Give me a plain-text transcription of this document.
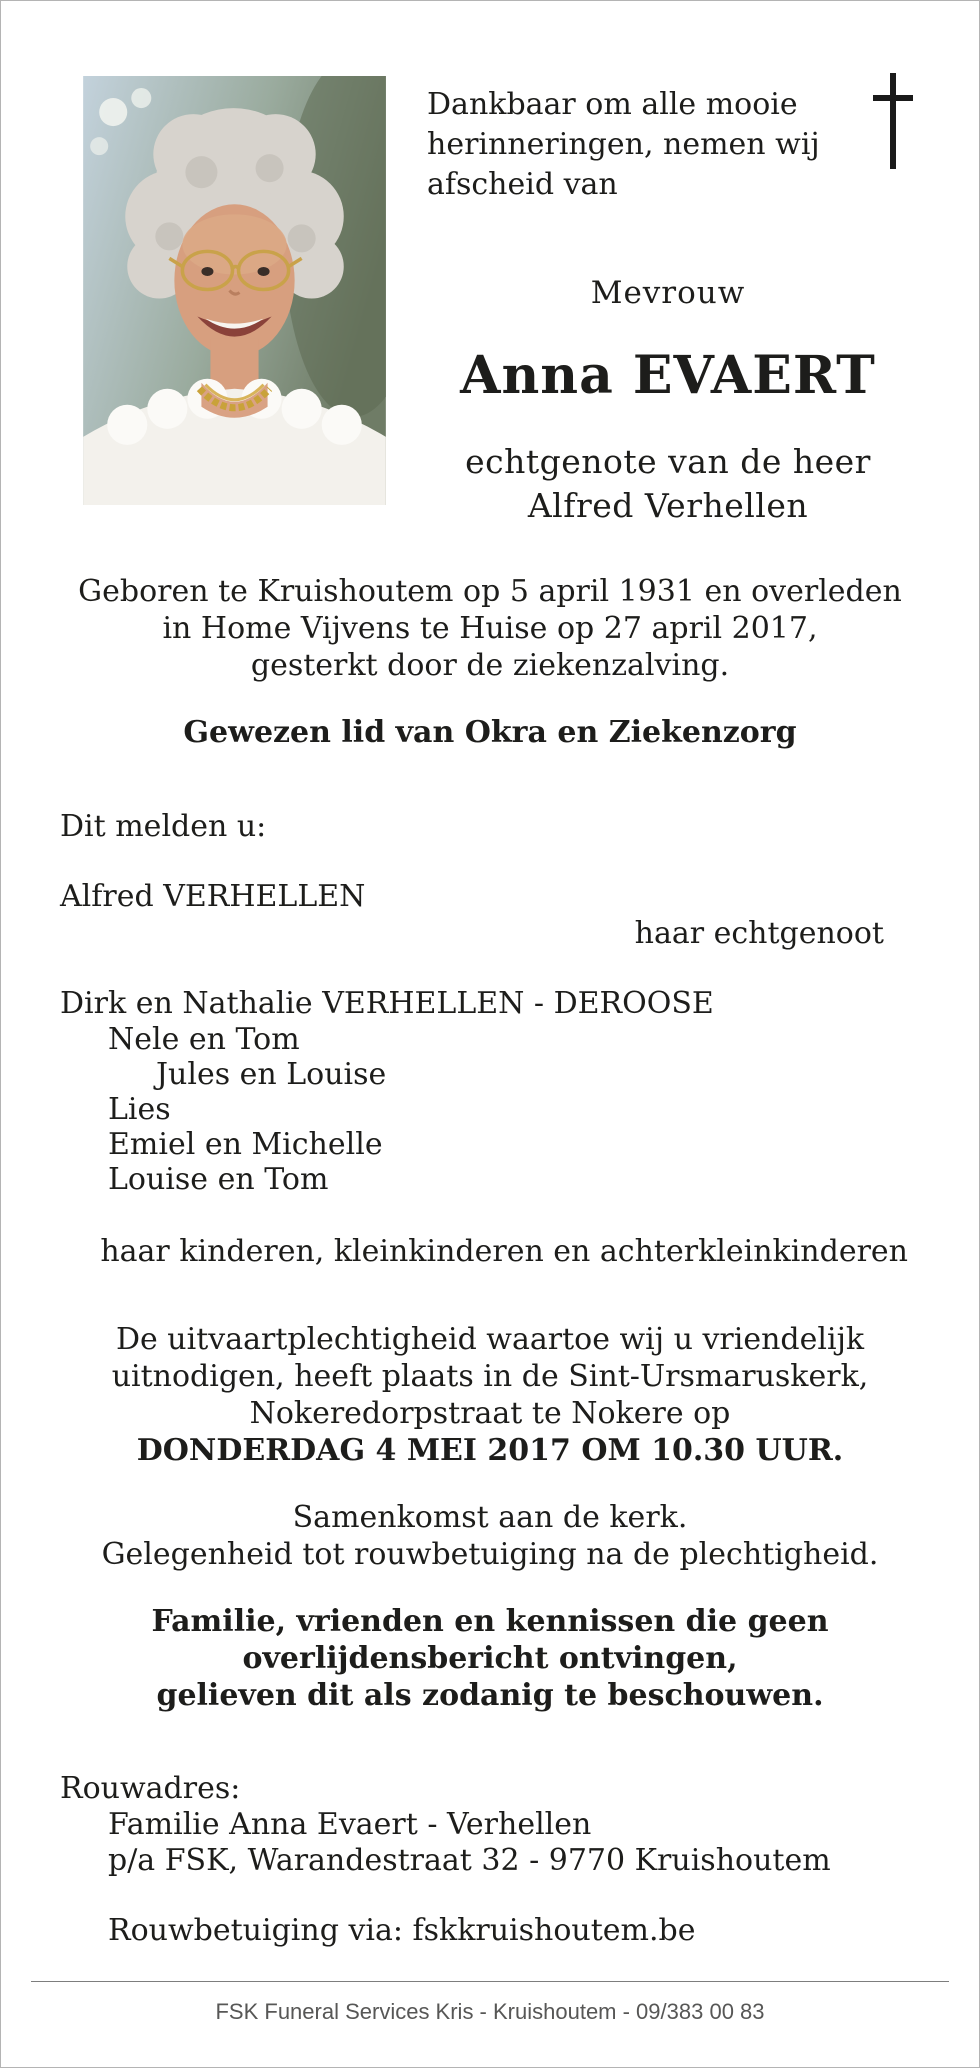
Dankbaar om alle mooie
herinneringen, nemen wij
afscheid van
Mevrouw
Anna EVAERT
echtgenote van de heer
Alfred Verhellen
Geboren te Kruishoutem op 5 april 1931 en overleden
in Home Vijvens te Huise op 27 april 2017,
gesterkt door de ziekenzalving.
Gewezen lid van Okra en Ziekenzorg
Dit melden u:
Alfred VERHELLEN
haar echtgenoot
Dirk en Nathalie VERHELLEN - DEROOSE
Nele en Tom
Jules en Louise
Lies
Emiel en Michelle
Louise en Tom
haar kinderen, kleinkinderen en achterkleinkinderen
De uitvaartplechtigheid waartoe wij u vriendelijk
uitnodigen, heeft plaats in de Sint-Ursmaruskerk,
Nokeredorpstraat te Nokere op
DONDERDAG 4 MEI 2017 OM 10.30 UUR.
Samenkomst aan de kerk.
Gelegenheid tot rouwbetuiging na de plechtigheid.
Familie, vrienden en kennissen die geen
overlijdensbericht ontvingen,
gelieven dit als zodanig te beschouwen.
Rouwadres:
Familie Anna Evaert - Verhellen
p/a FSK, Warandestraat 32 - 9770 Kruishoutem
Rouwbetuiging via: fskkruishoutem.be
FSK Funeral Services Kris - Kruishoutem - 09/383 00 83
